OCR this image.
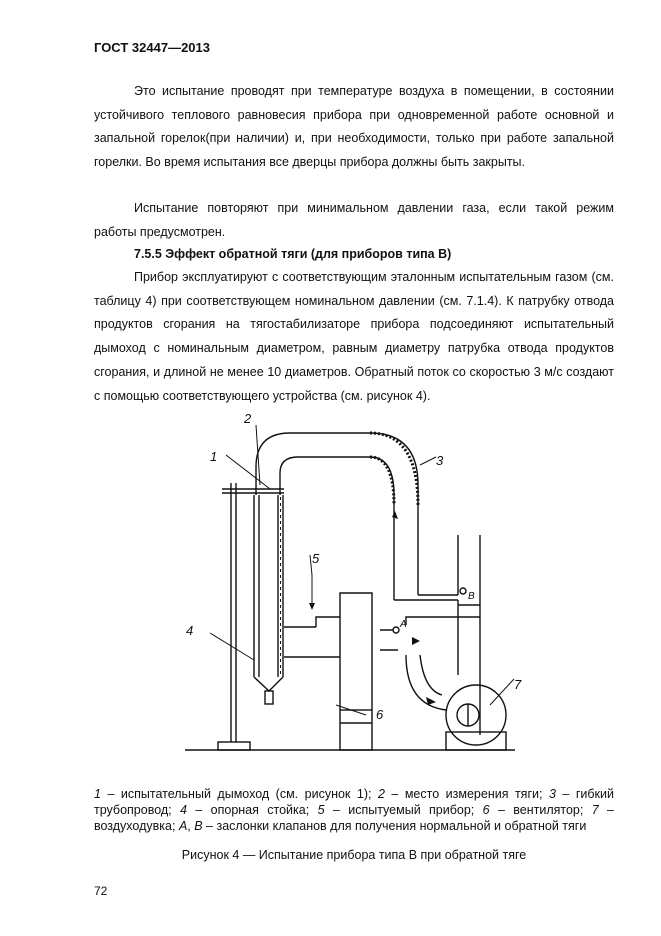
ГОСТ 32447—2013

Это испытание проводят при температуре воздуха в помещении, в состоянии устойчивого теплового равновесия прибора при одновременной работе основной и запальной горелок(при наличии) и, при необходимости, только при работе запальной горелки. Во время испытания все дверцы прибора должны быть закрыты.

Испытание повторяют при минимальном давлении газа, если такой режим работы предусмотрен.

7.5.5 Эффект обратной тяги (для приборов типа В)

Прибор эксплуатируют с соответствующим эталонным испытательным газом (см. таблицу 4) при соответствующем номинальном давлении (см. 7.1.4). К патрубку отвода продуктов сгорания на тягостабилизаторе прибора подсоединяют испытательный дымоход с номинальным диаметром, равным диаметру патрубка отвода продуктов сгорания, и длиной не менее 10 диаметров. Обратный поток со скоростью 3 м/с создают с помощью соответствующего устройства (см. рисунок 4).

1
2
3
4
5
6
7
A
B
1 – испытательный дымоход (см. рисунок 1); 2 – место измерения тяги; 3 – гибкий трубопровод; 4 – опорная стойка; 5 – испытуемый прибор; 6 – вентилятор; 7 – воздуходувка; A, B – заслонки клапанов для получения нормальной и обратной тяги
Рисунок 4 — Испытание прибора типа В при обратной тяге
72
